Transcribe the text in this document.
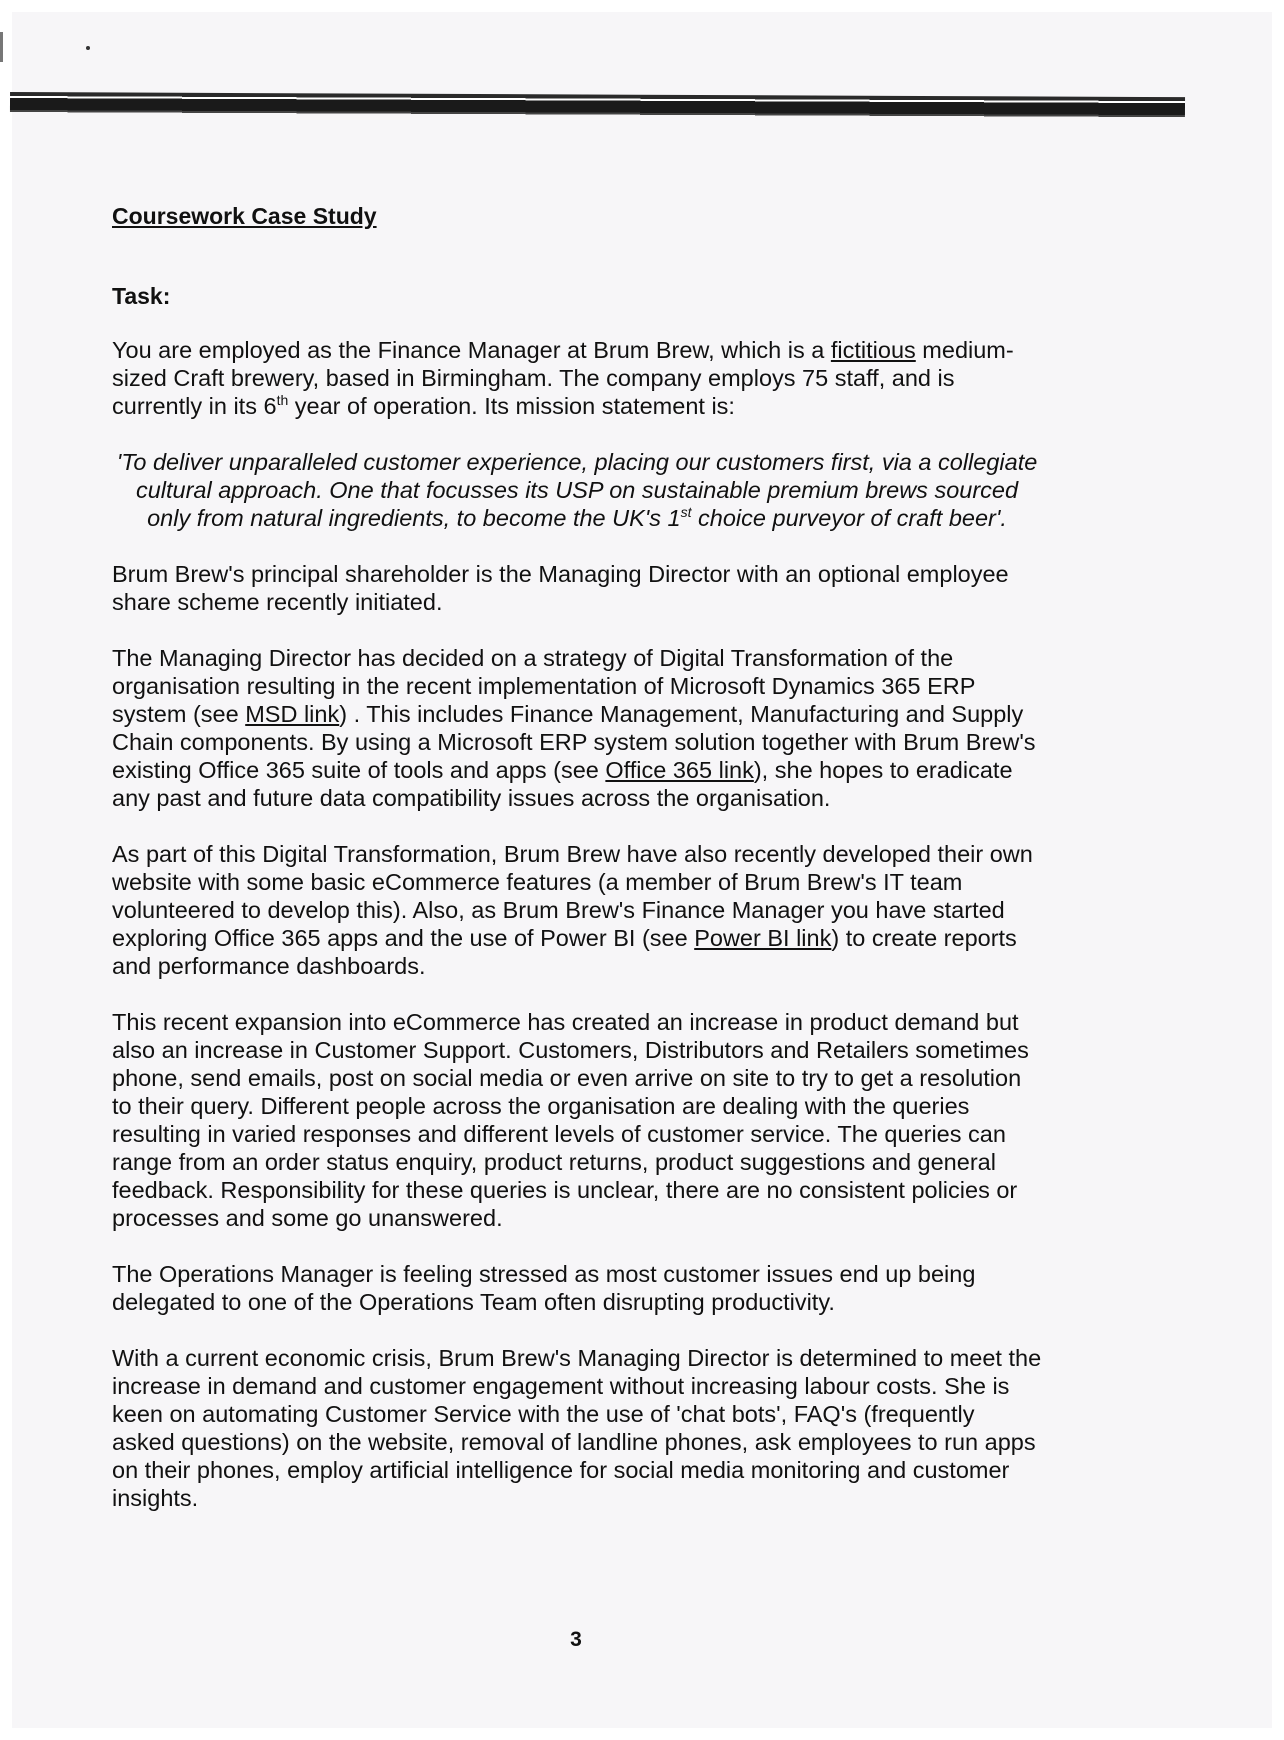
Coursework Case Study
Task:

You are employed as the Finance Manager at Brum Brew, which is a fictitious medium-sized Craft brewery, based in Birmingham. The company employs 75 staff, and is currently in its 6th year of operation. Its mission statement is:

'To deliver unparalleled customer experience, placing our customers first, via a collegiate cultural approach. One that focusses its USP on sustainable premium brews sourced only from natural ingredients, to become the UK's 1st choice purveyor of craft beer'.

Brum Brew's principal shareholder is the Managing Director with an optional employee share scheme recently initiated.

The Managing Director has decided on a strategy of Digital Transformation of the organisation resulting in the recent implementation of Microsoft Dynamics 365 ERP system (see MSD link) . This includes Finance Management, Manufacturing and Supply Chain components. By using a Microsoft ERP system solution together with Brum Brew's existing Office 365 suite of tools and apps (see Office 365 link), she hopes to eradicate any past and future data compatibility issues across the organisation.

As part of this Digital Transformation, Brum Brew have also recently developed their own website with some basic eCommerce features (a member of Brum Brew's IT team volunteered to develop this). Also, as Brum Brew's Finance Manager you have started exploring Office 365 apps and the use of Power BI (see Power BI link) to create reports and performance dashboards.

This recent expansion into eCommerce has created an increase in product demand but also an increase in Customer Support. Customers, Distributors and Retailers sometimes phone, send emails, post on social media or even arrive on site to try to get a resolution to their query. Different people across the organisation are dealing with the queries resulting in varied responses and different levels of customer service. The queries can range from an order status enquiry, product returns, product suggestions and general feedback. Responsibility for these queries is unclear, there are no consistent policies or processes and some go unanswered.

The Operations Manager is feeling stressed as most customer issues end up being delegated to one of the Operations Team often disrupting productivity.

With a current economic crisis, Brum Brew's Managing Director is determined to meet the increase in demand and customer engagement without increasing labour costs. She is keen on automating Customer Service with the use of 'chat bots', FAQ's (frequently asked questions) on the website, removal of landline phones, ask employees to run apps on their phones, employ artificial intelligence for social media monitoring and customer insights.

3
